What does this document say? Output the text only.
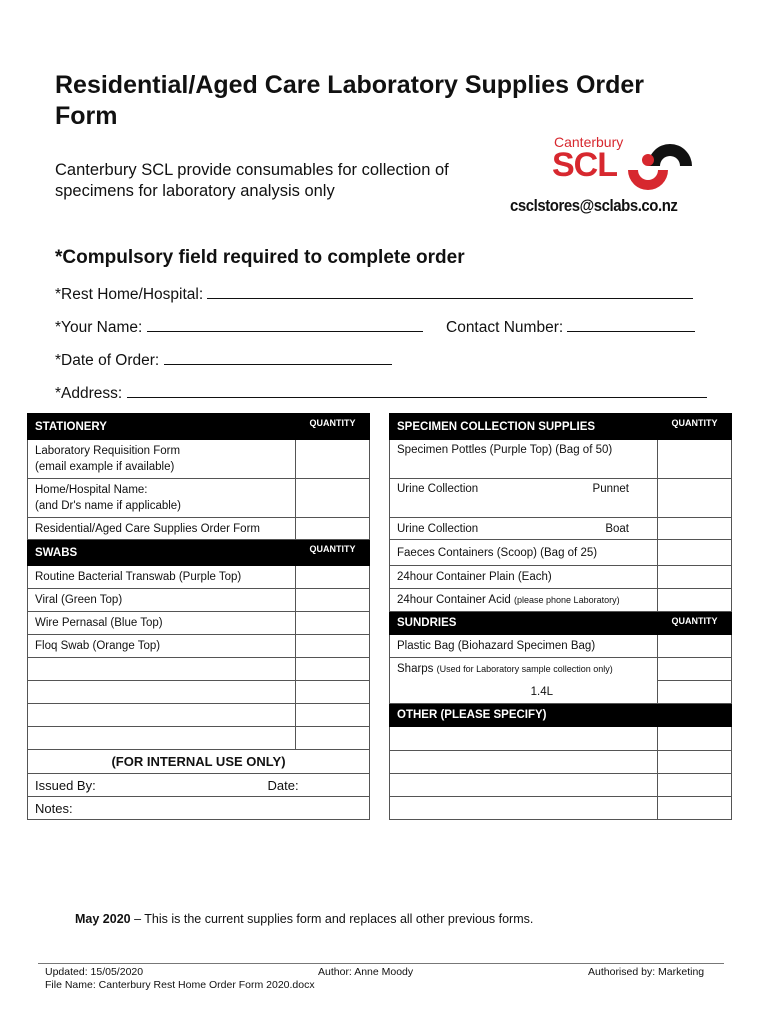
Residential/Aged Care Laboratory Supplies Order Form
Canterbury SCL provide consumables for collection of specimens for laboratory analysis only
Canterbury
SCL
csclstores@sclabs.co.nz
*Compulsory field required to complete order
*Rest Home/Hospital:
*Your Name:	Contact Number:
*Date of Order:
*Address:
STATIONERY	QUANTITY

Laboratory Requisition Form
(email example if available)	

Home/Hospital Name:
(and Dr's name if applicable)	

Residential/Aged Care Supplies Order Form	
SWABS	QUANTITY
Routine Bacterial Transwab (Purple Top)	
Viral (Green Top)	
Wire Pernasal (Blue Top)	
Floq Swab (Orange Top)	

(FOR INTERNAL USE ONLY)	
Issued By: Date:	

Notes:	
SPECIMEN COLLECTION SUPPLIES	QUANTITY
Specimen Pottles (Purple Top) (Bag of 50)	
Urine Collection Punnet	

Urine Collection Boat	

Faeces Containers (Scoop) (Bag of 25)	
24hour Container Plain (Each)	
24hour Container Acid (please phone Laboratory)	
SUNDRIES	QUANTITY
Plastic Bag (Biohazard Specimen Bag)	
Sharps (Used for Laboratory sample collection only)	
1.4L	
OTHER (PLEASE SPECIFY)	

May 2020 – This is the current supplies form and replaces all other previous forms.
Updated: 15/05/2020	Author: Anne Moody	Authorised by: Marketing
File Name: Canterbury Rest Home Order Form 2020.docx
